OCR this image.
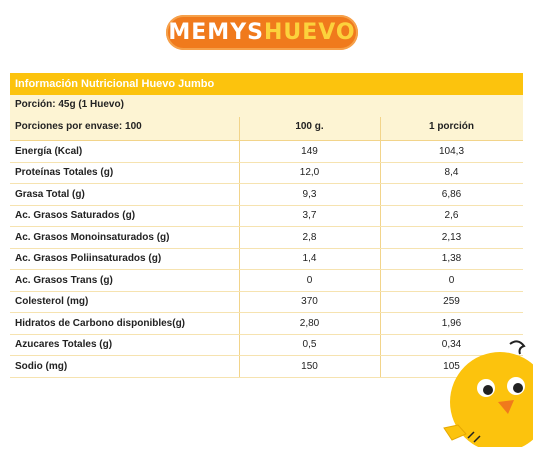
MEMYSHUEVO
Información Nutricional Huevo Jumbo
Porción: 45g (1 Huevo)
Porciones por envase: 100	100 g.	1 porción
Energía (Kcal)	149	104,3
Proteínas Totales (g)	12,0	8,4
Grasa Total (g)	9,3	6,86
Ac. Grasos Saturados (g)	3,7	2,6
Ac. Grasos Monoinsaturados (g)	2,8	2,13
Ac. Grasos Poliinsaturados (g)	1,4	1,38
Ac. Grasos Trans (g)	0	0
Colesterol (mg)	370	259
Hidratos de Carbono disponibles(g)	2,80	1,96
Azucares Totales (g)	0,5	0,34
Sodio (mg)	150	105
